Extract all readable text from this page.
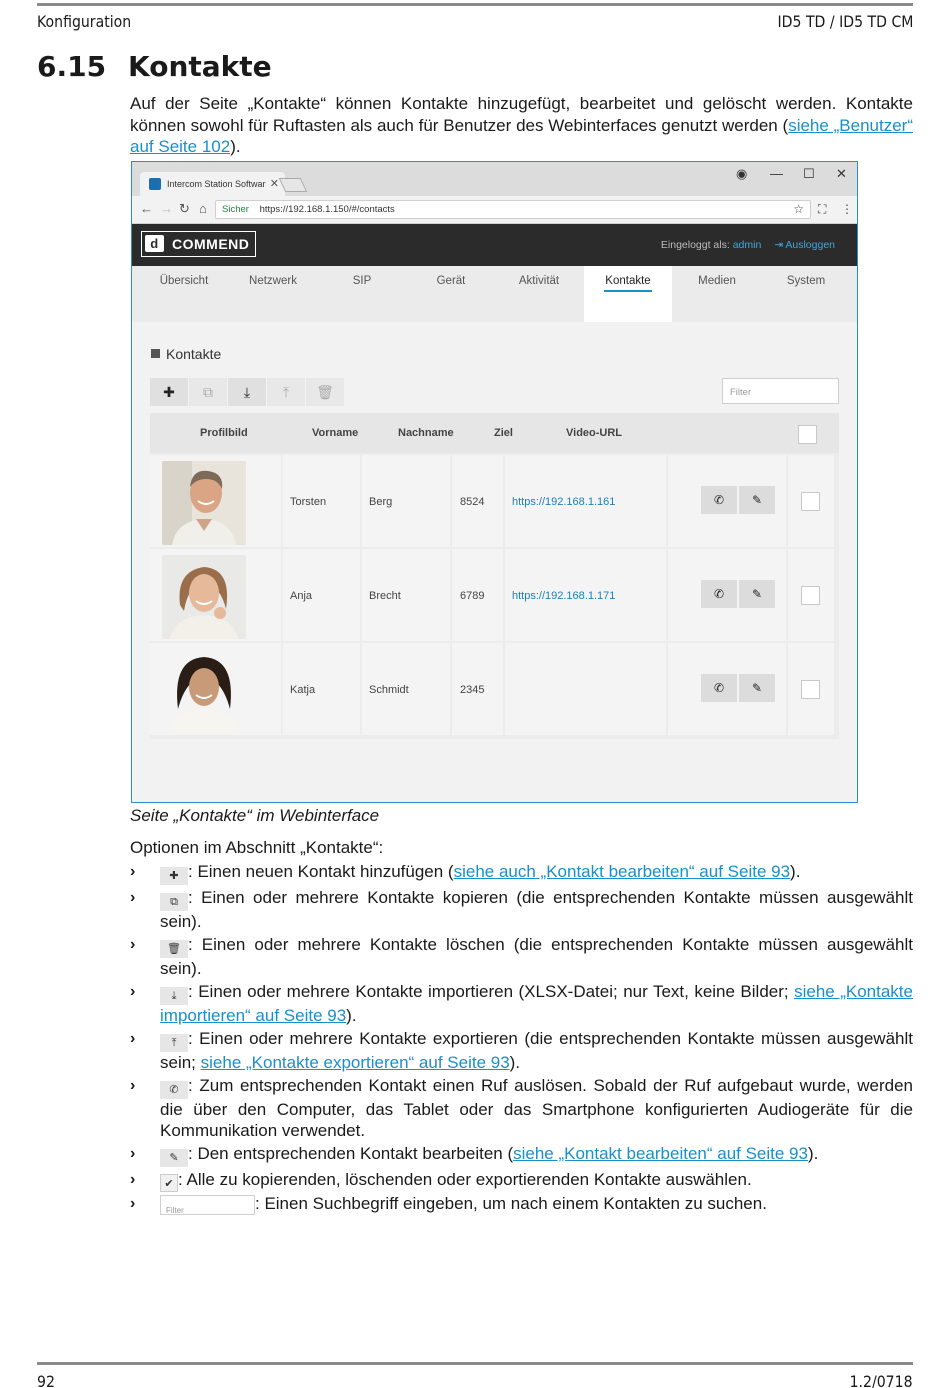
Konfiguration	ID5 TD / ID5 TD CM
6.15 Kontakte

Auf der Seite „Kontakte“ können Kontakte hinzugefügt, bearbeitet und gelöscht werden. Kontakte können sowohl für Ruftasten als auch für Benutzer des Webinterfaces genutzt werden (siehe „Benutzer“ auf Seite 102).

Intercom Station Softwar ✕
◉ — ☐ ✕
← → ↻ ⌂	Sicher https://192.168.1.150/#/contacts	☆ ⛶ ⋮
d COMMEND	Eingeloggt als: admin ⇥ Ausloggen
Übersicht	Netzwerk	SIP	Gerät	Aktivität	Kontakte	Medien	System
Kontakte
✚	⧉	⤓	⤒	🗑	Filter
Profilbild	Vorname	Nachname	Ziel	Video-URL
Torsten	Berg	8524	https://192.168.1.161	✆	✎
Anja	Brecht	6789	https://192.168.1.171	✆	✎
Katja	Schmidt	2345	✆	✎
Seite „Kontakte“ im Webinterface
Optionen im Abschnitt „Kontakte“:
›	✚ : Einen neuen Kontakt hinzufügen (siehe auch „Kontakt bearbeiten“ auf Seite 93).
›	⧉ : Einen oder mehrere Kontakte kopieren (die entsprechenden Kontakte müssen ausgewählt sein).
›	🗑 : Einen oder mehrere Kontakte löschen (die entsprechenden Kontakte müssen ausgewählt sein).
›	⤓ : Einen oder mehrere Kontakte importieren (XLSX-Datei; nur Text, keine Bilder; siehe „Kontakte importieren“ auf Seite 93).
›	⤒ : Einen oder mehrere Kontakte exportieren (die entsprechenden Kontakte müssen ausgewählt sein; siehe „Kontakte exportieren“ auf Seite 93).
›	✆ : Zum entsprechenden Kontakt einen Ruf auslösen. Sobald der Ruf aufgebaut wurde, werden die über den Computer, das Tablet oder das Smartphone konfigurierten Audiogeräte für die Kommunikation verwendet.
›	✎ : Den entsprechenden Kontakt bearbeiten (siehe „Kontakt bearbeiten“ auf Seite 93).
›	✔ : Alle zu kopierenden, löschenden oder exportierenden Kontakte auswählen.
›	Filter	: Einen Suchbegriff eingeben, um nach einem Kontakten zu suchen.
92	1.2/0718
